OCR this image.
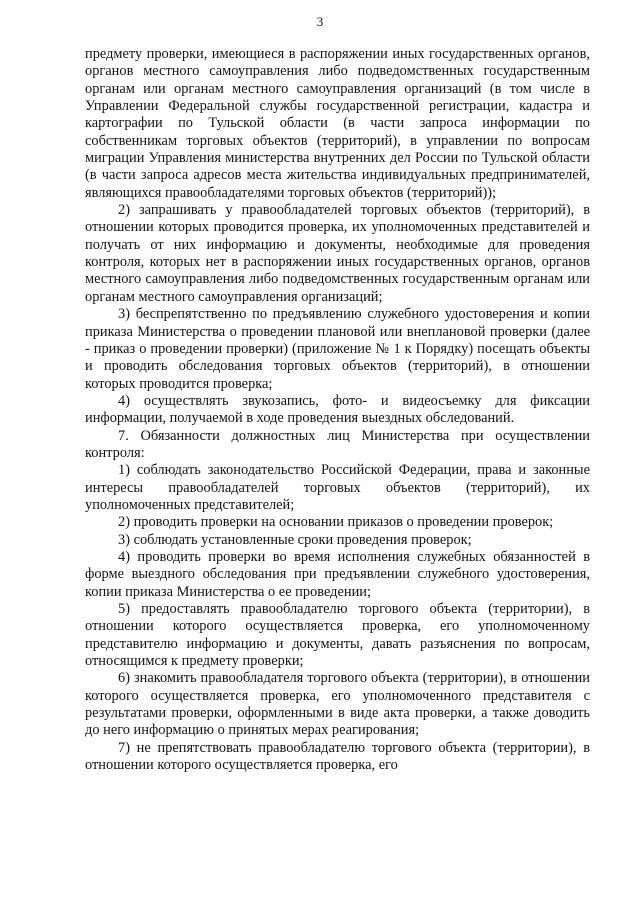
3

предмету проверки, имеющиеся в распоряжении иных государственных органов, органов местного самоуправления либо подведомственных государственным органам или органам местного самоуправления организаций (в том числе в Управлении Федеральной службы государственной регистрации, кадастра и картографии по Тульской области (в части запроса информации по собственникам торговых объектов (территорий), в управлении по вопросам миграции Управления министерства внутренних дел России по Тульской области (в части запроса адресов места жительства индивидуальных предпринимателей, являющихся правообладателями торговых объектов (территорий));

2) запрашивать у правообладателей торговых объектов (территорий), в отношении которых проводится проверка, их уполномоченных представителей и получать от них информацию и документы, необходимые для проведения контроля, которых нет в распоряжении иных государственных органов, органов местного самоуправления либо подведомственных государственным органам или органам местного самоуправления организаций;

3) беспрепятственно по предъявлению служебного удостоверения и копии приказа Министерства о проведении плановой или внеплановой проверки (далее - приказ о проведении проверки) (приложение № 1 к Порядку) посещать объекты и проводить обследования торговых объектов (территорий), в отношении которых проводится проверка;

4) осуществлять звукозапись, фото- и видеосъемку для фиксации информации, получаемой в ходе проведения выездных обследований.

7. Обязанности должностных лиц Министерства при осуществлении контроля:

1) соблюдать законодательство Российской Федерации, права и законные интересы правообладателей торговых объектов (территорий), их уполномоченных представителей;

2) проводить проверки на основании приказов о проведении проверок;

3) соблюдать установленные сроки проведения проверок;

4) проводить проверки во время исполнения служебных обязанностей в форме выездного обследования при предъявлении служебного удостоверения, копии приказа Министерства о ее проведении;

5) предоставлять правообладателю торгового объекта (территории), в отношении которого осуществляется проверка, его уполномоченному представителю информацию и документы, давать разъяснения по вопросам, относящимся к предмету проверки;

6) знакомить правообладателя торгового объекта (территории), в отношении которого осуществляется проверка, его уполномоченного представителя с результатами проверки, оформленными в виде акта проверки, а также доводить до него информацию о принятых мерах реагирования;

7) не препятствовать правообладателю торгового объекта (территории), в отношении которого осуществляется проверка, его
